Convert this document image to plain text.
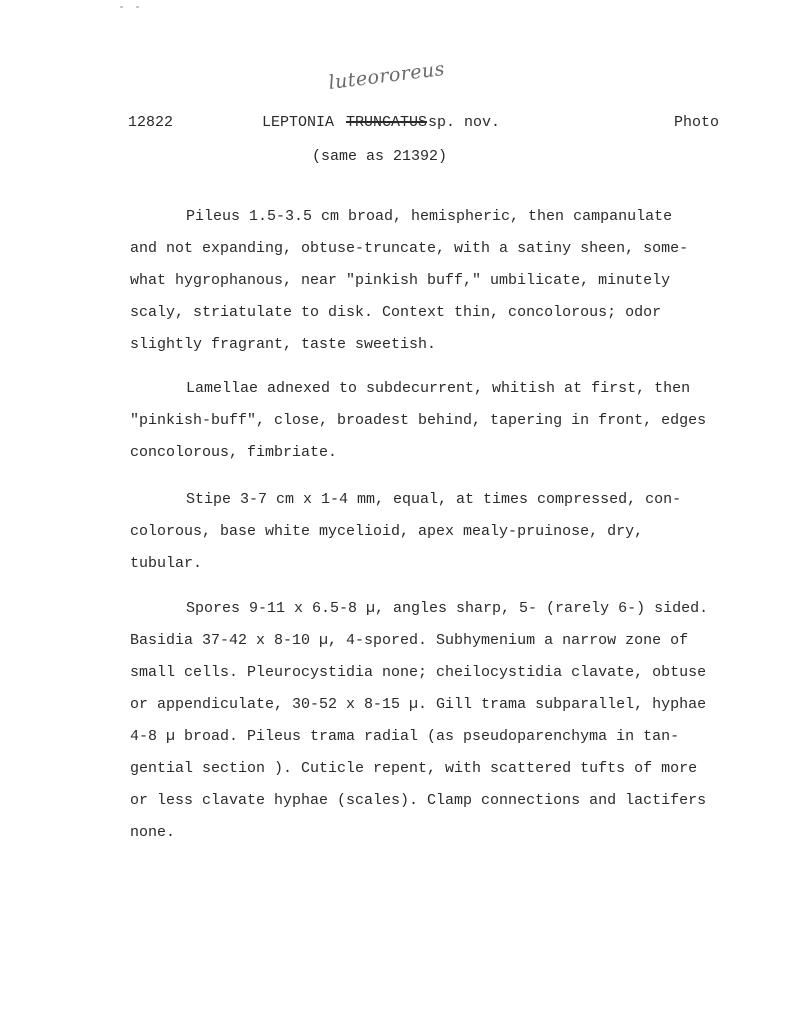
12822	LEPTONIA TRUNCATUS sp. nov.
luteororeus
Photo
(same as 21392)
Pileus 1.5-3.5 cm broad, hemispheric, then campanulate
and not expanding, obtuse-truncate, with a satiny sheen, some-
what hygrophanous, near "pinkish buff," umbilicate, minutely
scaly, striatulate to disk. Context thin, concolorous; odor
slightly fragrant, taste sweetish.
Lamellae adnexed to subdecurrent, whitish at first, then
"pinkish-buff", close, broadest behind, tapering in front, edges
concolorous, fimbriate.
Stipe 3-7 cm x 1-4 mm, equal, at times compressed, con-
colorous, base white mycelioid, apex mealy-pruinose, dry,
tubular.
Spores 9-11 x 6.5-8 µ, angles sharp, 5- (rarely 6-) sided.
Basidia 37-42 x 8-10 µ, 4-spored. Subhymenium a narrow zone of
small cells. Pleurocystidia none; cheilocystidia clavate, obtuse
or appendiculate, 30-52 x 8-15 µ. Gill trama subparallel, hyphae
4-8 µ broad. Pileus trama radial (as pseudoparenchyma in tan-
gential section ). Cuticle repent, with scattered tufts of more
or less clavate hyphae (scales). Clamp connections and lactifers
none.
